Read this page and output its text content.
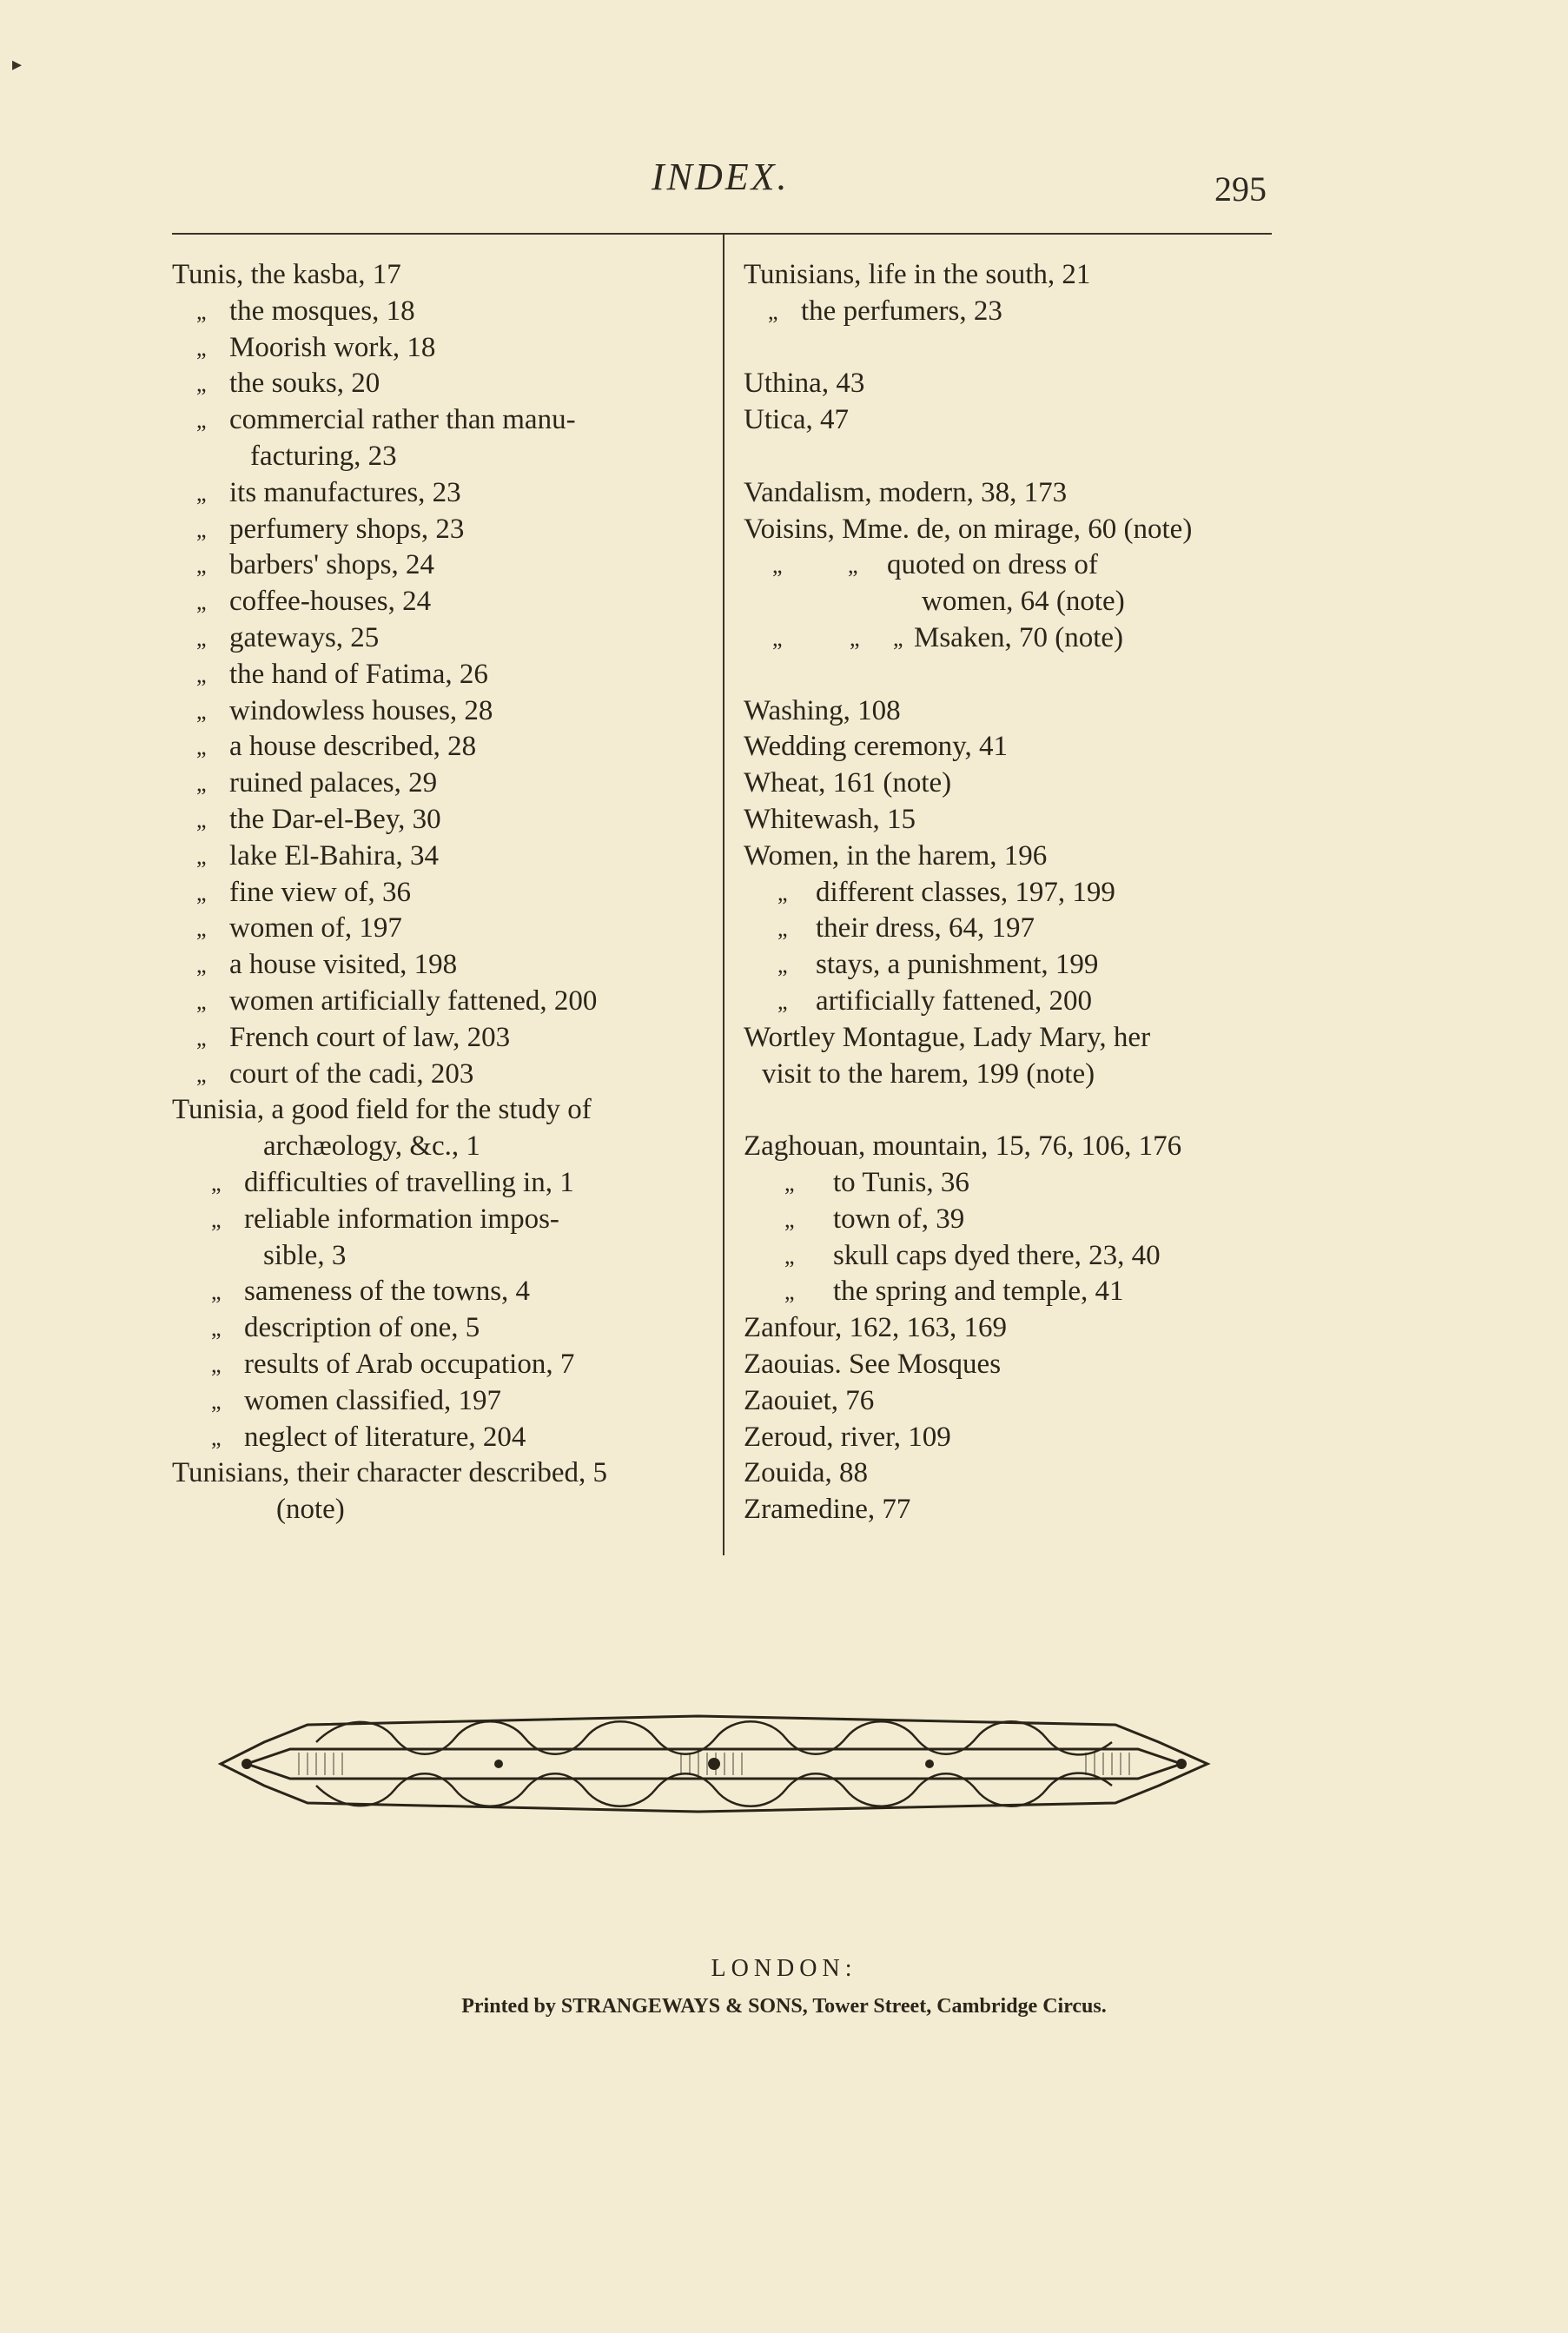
▸
INDEX.	295
Tunis, the kasba, 17
„ the mosques, 18
„ Moorish work, 18
„ the souks, 20
„ commercial rather than manu-
facturing, 23
„ its manufactures, 23
„ perfumery shops, 23
„ barbers' shops, 24
„ coffee-houses, 24
„ gateways, 25
„ the hand of Fatima, 26
„ windowless houses, 28
„ a house described, 28
„ ruined palaces, 29
„ the Dar-el-Bey, 30
„ lake El-Bahira, 34
„ fine view of, 36
„ women of, 197
„ a house visited, 198
„ women artificially fattened, 200
„ French court of law, 203
„ court of the cadi, 203
Tunisia, a good field for the study of
archæology, &c., 1
„ difficulties of travelling in, 1
„ reliable information impos-
sible, 3
„ sameness of the towns, 4
„ description of one, 5
„ results of Arab occupation, 7
„ women classified, 197
„ neglect of literature, 204
Tunisians, their character described, 5
(note)
Tunisians, life in the south, 21
„ the perfumers, 23
Uthina, 43
Utica, 47
Vandalism, modern, 38, 173
Voisins, Mme. de, on mirage, 60 (note)
„	„ quoted on dress of
women, 64 (note)
„	„ „ Msaken, 70 (note)
Washing, 108
Wedding ceremony, 41
Wheat, 161 (note)
Whitewash, 15
Women, in the harem, 196
„ different classes, 197, 199
„ their dress, 64, 197
„ stays, a punishment, 199
„ artificially fattened, 200
Wortley Montague, Lady Mary, her
visit to the harem, 199 (note)
Zaghouan, mountain, 15, 76, 106, 176
„ to Tunis, 36
„ town of, 39
„ skull caps dyed there, 23, 40
„ the spring and temple, 41
Zanfour, 162, 163, 169
Zaouias. See Mosques
Zaouiet, 76
Zeroud, river, 109
Zouida, 88
Zramedine, 77
LONDON:
Printed by STRANGEWAYS & SONS, Tower Street, Cambridge Circus.
